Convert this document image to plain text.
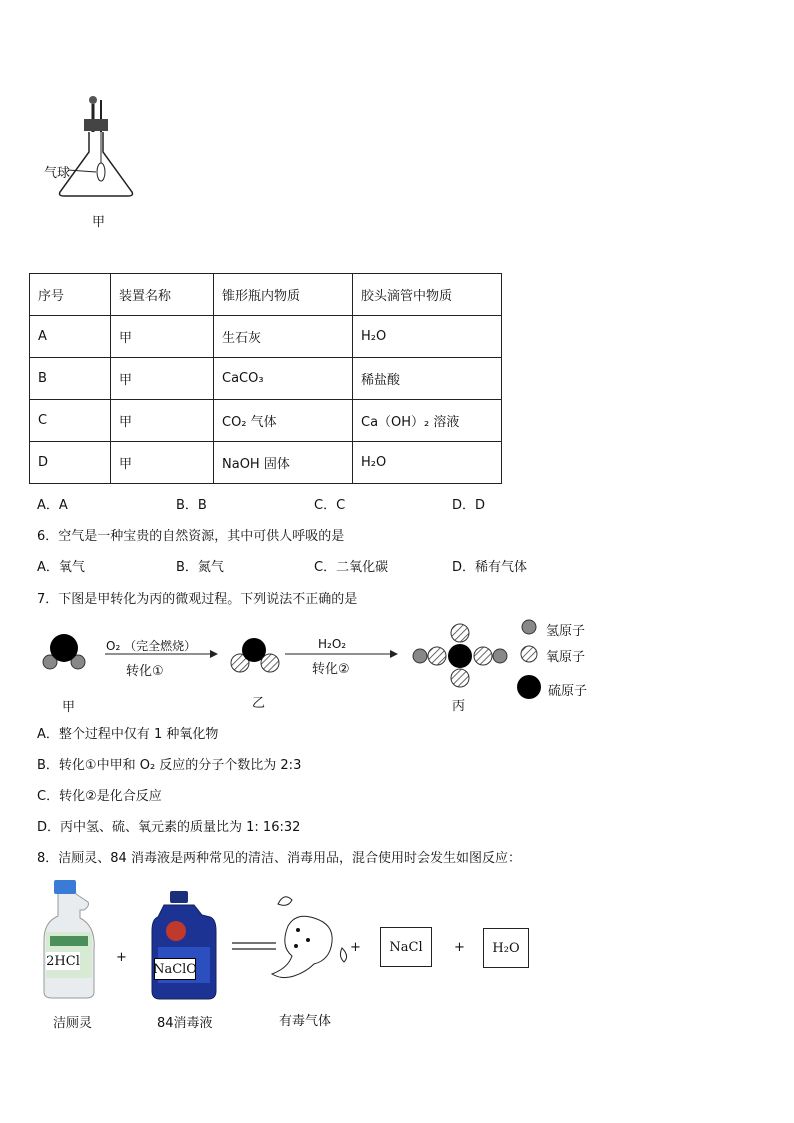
气球
甲
序号	装置名称	锥形瓶内物质	胶头滴管中物质
A	甲	生石灰	H₂O
B	甲	CaCO₃	稀盐酸
C	甲	CO₂ 气体	Ca（OH）₂ 溶液
D	甲	NaOH 固体	H₂O
A．A	B．B	C．C	D．D
6．空气是一种宝贵的自然资源，其中可供人呼吸的是
A．氧气	B．氮气	C．二氧化碳	D．稀有气体
7．下图是甲转化为丙的微观过程。下列说法不正确的是
O₂ （完全燃烧）
转化①
H₂O₂
转化②
甲	乙	丙
氢原子
氧原子
硫原子
A．整个过程中仅有 1 种氧化物
B．转化①中甲和 O₂ 反应的分子个数比为 2:3
C．转化②是化合反应
D．丙中氢、硫、氧元素的质量比为 1: 16:32
8．洁厕灵、84 消毒液是两种常见的清洁、消毒用品，混合使用时会发生如图反应：
2HCl	+
NaClO
+	NaCl	+	H₂O
洁厕灵	84消毒液	有毒气体
